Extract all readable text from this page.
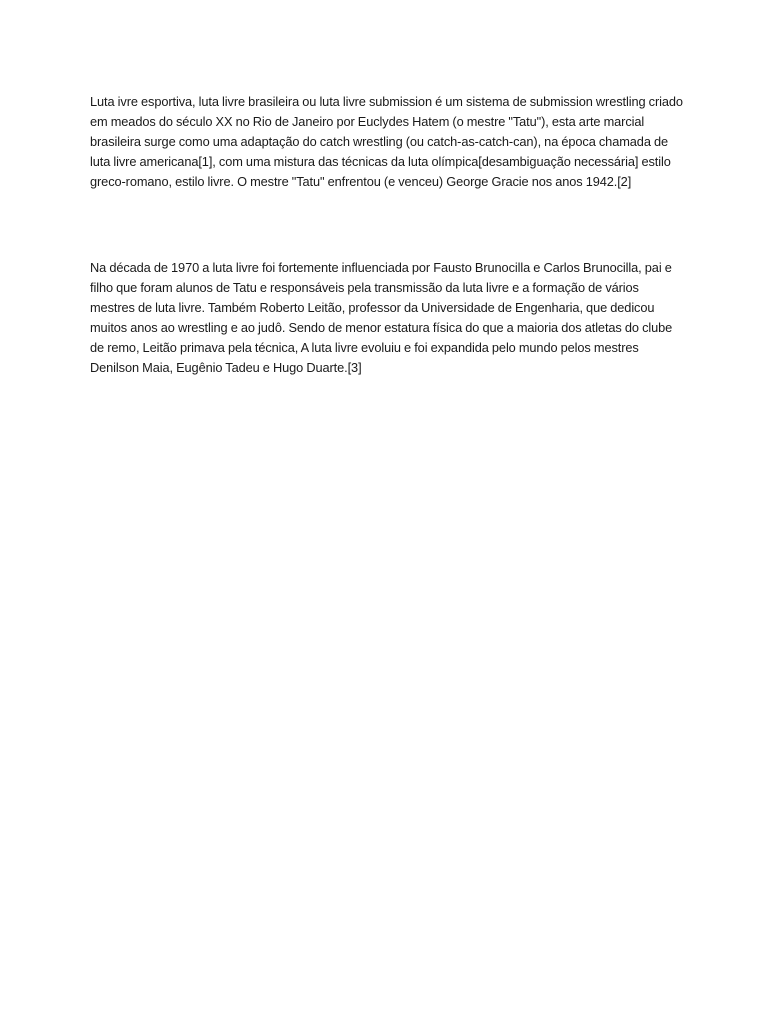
Luta ivre esportiva, luta livre brasileira ou luta livre submission é um sistema de submission wrestling criado em meados do século XX no Rio de Janeiro por Euclydes Hatem (o mestre "Tatu"), esta arte marcial brasileira surge como uma adaptação do catch wrestling (ou catch-as-catch-can), na época chamada de luta livre americana[1], com uma mistura das técnicas da luta olímpica[desambiguação necessária] estilo greco-romano, estilo livre. O mestre "Tatu" enfrentou (e venceu) George Gracie nos anos 1942.[2]

Na década de 1970 a luta livre foi fortemente influenciada por Fausto Brunocilla e Carlos Brunocilla, pai e filho que foram alunos de Tatu e responsáveis pela transmissão da luta livre e a formação de vários mestres de luta livre. Também Roberto Leitão, professor da Universidade de Engenharia, que dedicou muitos anos ao wrestling e ao judô. Sendo de menor estatura física do que a maioria dos atletas do clube de remo, Leitão primava pela técnica, A luta livre evoluiu e foi expandida pelo mundo pelos mestres Denilson Maia, Eugênio Tadeu e Hugo Duarte.[3]
